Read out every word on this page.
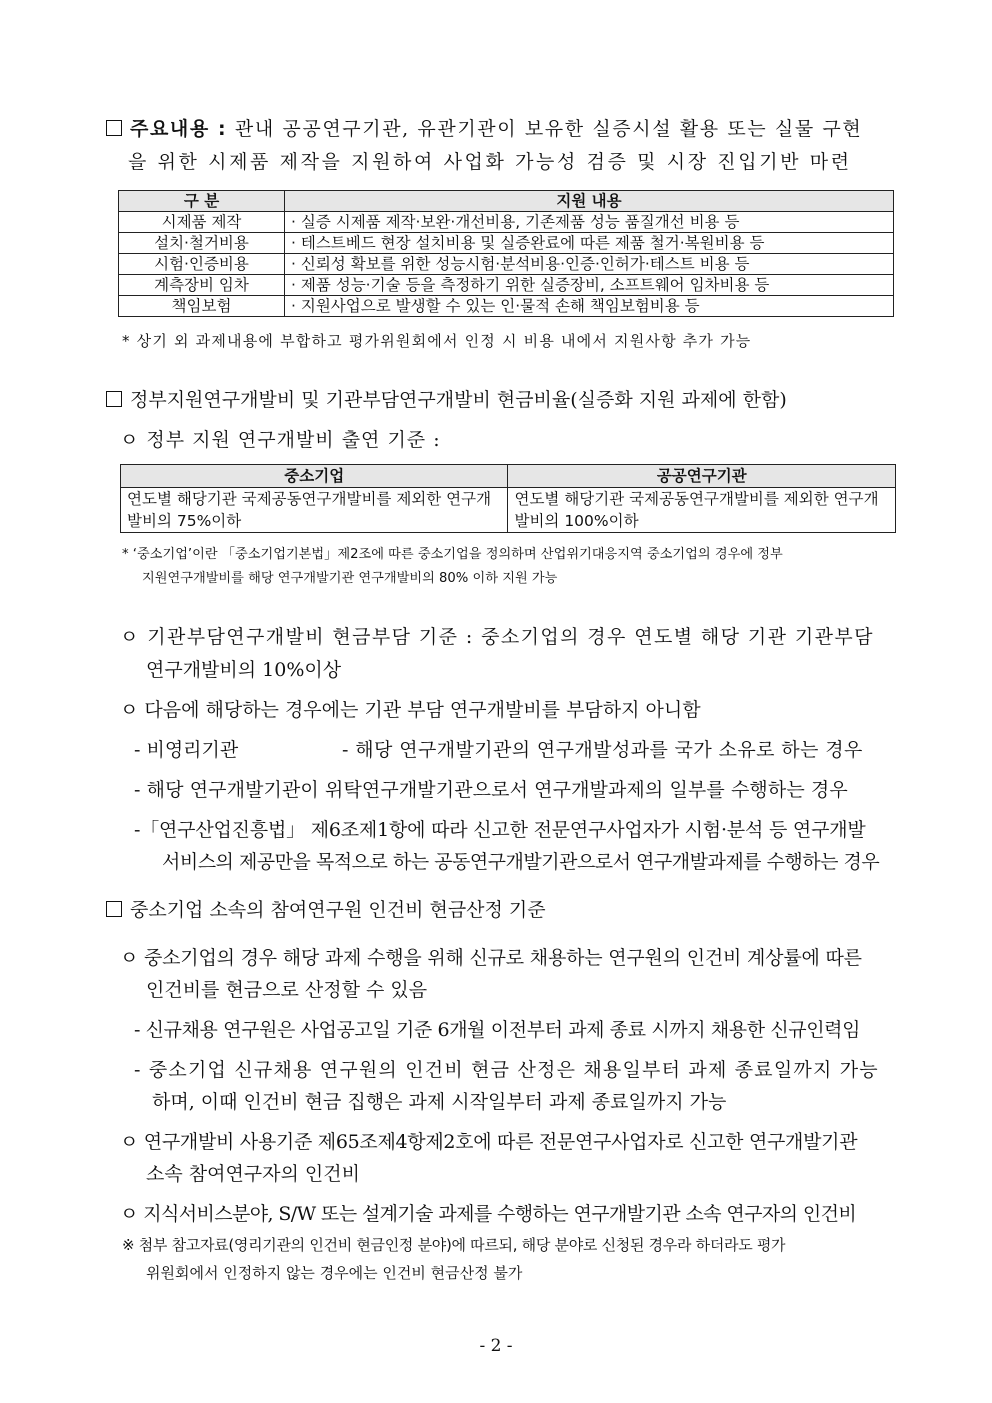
주요내용 : 관내 공공연구기관, 유관기관이 보유한 실증시설 활용 또는 실물 구현
을 위한 시제품 제작을 지원하여 사업화 가능성 검증 및 시장 진입기반 마련
구 분	지원 내용
시제품 제작	· 실증 시제품 제작·보완·개선비용, 기존제품 성능 품질개선 비용 등
설치·철거비용	· 테스트베드 현장 설치비용 및 실증완료에 따른 제품 철거·복원비용 등
시험·인증비용	· 신뢰성 확보를 위한 성능시험·분석비용·인증·인허가·테스트 비용 등
계측장비 임차	· 제품 성능·기술 등을 측정하기 위한 실증장비, 소프트웨어 임차비용 등
책임보험	· 지원사업으로 발생할 수 있는 인·물적 손해 책임보험비용 등
* 상기 외 과제내용에 부합하고 평가위원회에서 인정 시 비용 내에서 지원사항 추가 가능
정부지원연구개발비 및 기관부담연구개발비 현금비율(실증화 지원 과제에 한함)
ㅇ 정부 지원 연구개발비 출연 기준 :
중소기업	공공연구기관
연도별 해당기관 국제공동연구개발비를 제외한 연구개발비의 75%이하	연도별 해당기관 국제공동연구개발비를 제외한 연구개발비의 100%이하
* ‘중소기업’이란 「중소기업기본법」제2조에 따른 중소기업을 정의하며 산업위기대응지역 중소기업의 경우에 정부
지원연구개발비를 해당 연구개발기관 연구개발비의 80% 이하 지원 가능
ㅇ 기관부담연구개발비 현금부담 기준 : 중소기업의 경우 연도별 해당 기관 기관부담
연구개발비의 10%이상
ㅇ 다음에 해당하는 경우에는 기관 부담 연구개발비를 부담하지 아니함
- 비영리기관	- 해당 연구개발기관의 연구개발성과를 국가 소유로 하는 경우
- 해당 연구개발기관이 위탁연구개발기관으로서 연구개발과제의 일부를 수행하는 경우
-「연구산업진흥법」 제6조제1항에 따라 신고한 전문연구사업자가 시험·분석 등 연구개발
서비스의 제공만을 목적으로 하는 공동연구개발기관으로서 연구개발과제를 수행하는 경우
중소기업 소속의 참여연구원 인건비 현금산정 기준
ㅇ 중소기업의 경우 해당 과제 수행을 위해 신규로 채용하는 연구원의 인건비 계상률에 따른
인건비를 현금으로 산정할 수 있음
- 신규채용 연구원은 사업공고일 기준 6개월 이전부터 과제 종료 시까지 채용한 신규인력임
- 중소기업 신규채용 연구원의 인건비 현금 산정은 채용일부터 과제 종료일까지 가능
하며, 이때 인건비 현금 집행은 과제 시작일부터 과제 종료일까지 가능
ㅇ 연구개발비 사용기준 제65조제4항제2호에 따른 전문연구사업자로 신고한 연구개발기관
소속 참여연구자의 인건비
ㅇ 지식서비스분야, S/W 또는 설계기술 과제를 수행하는 연구개발기관 소속 연구자의 인건비
※ 첨부 참고자료(영리기관의 인건비 현금인정 분야)에 따르되, 해당 분야로 신청된 경우라 하더라도 평가
위원회에서 인정하지 않는 경우에는 인건비 현금산정 불가
- 2 -
